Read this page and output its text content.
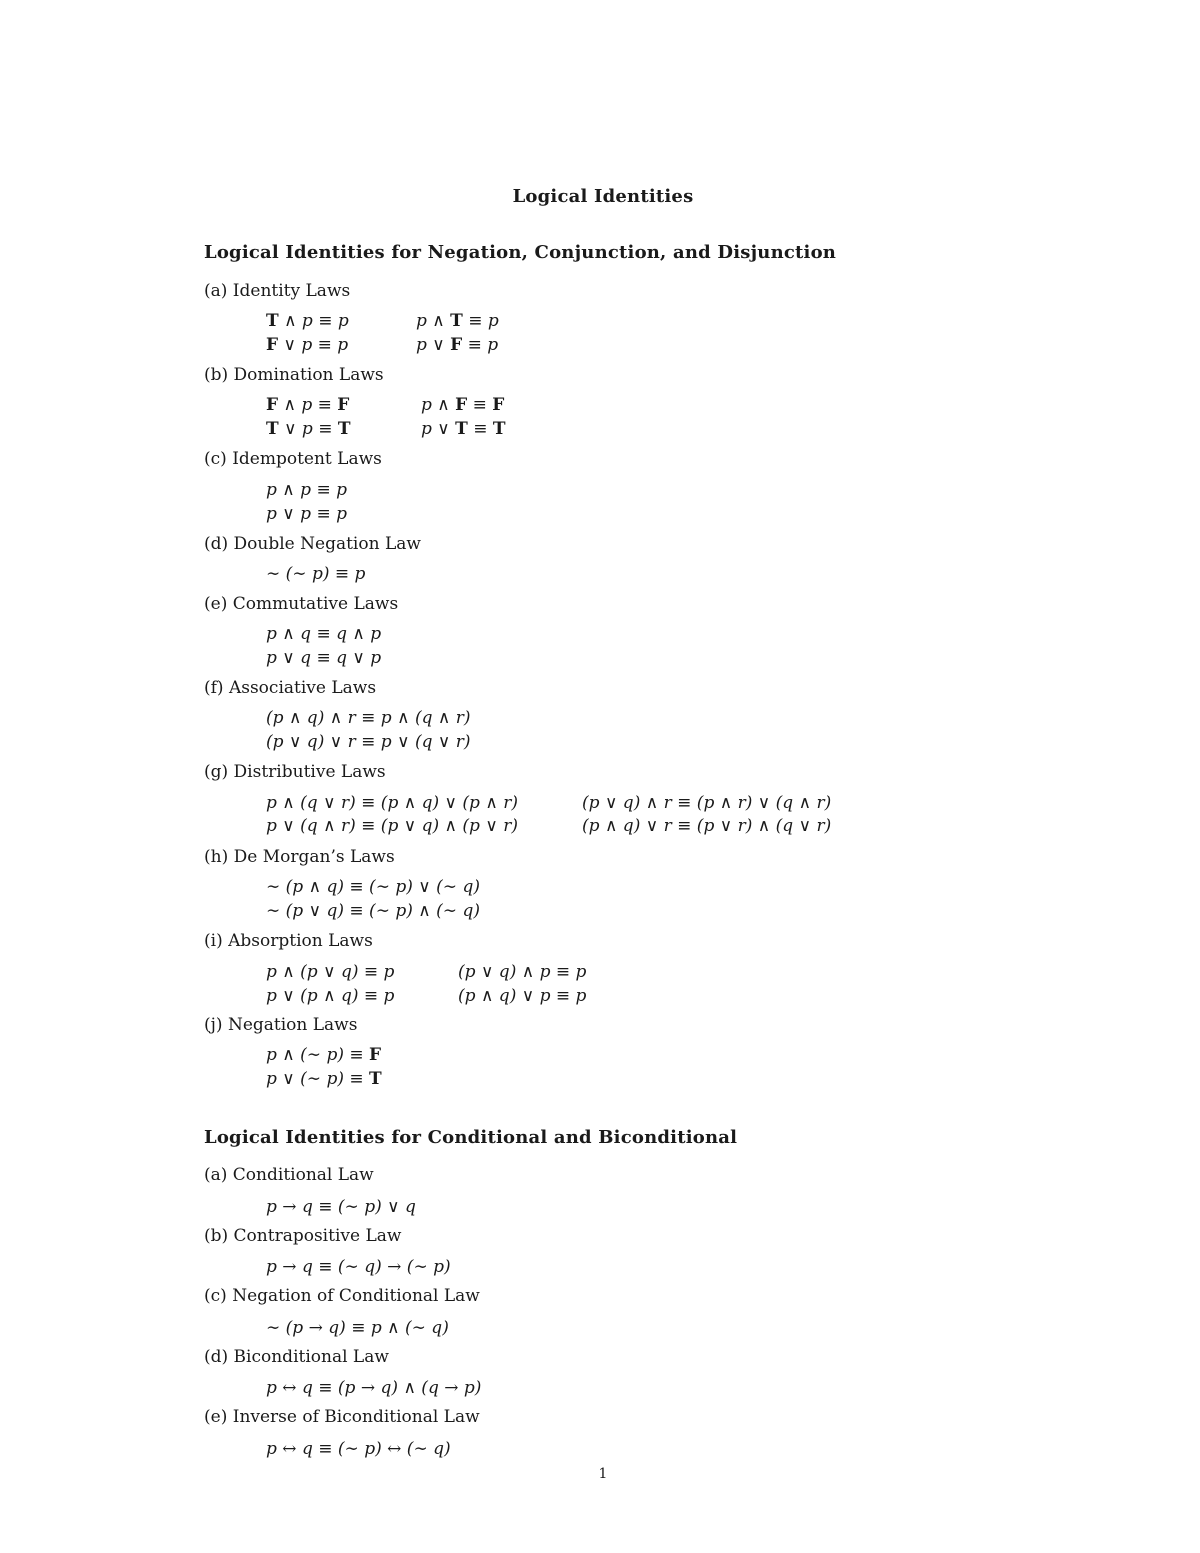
Logical Identities
Logical Identities for Negation, Conjunction, and Disjunction
(a) Identity Laws
T ∧ p ≡ p	p ∧ T ≡ p
F ∨ p ≡ p	p ∨ F ≡ p
(b) Domination Laws
F ∧ p ≡ F	p ∧ F ≡ F
T ∨ p ≡ T	p ∨ T ≡ T
(c) Idempotent Laws
p ∧ p ≡ p
p ∨ p ≡ p
(d) Double Negation Law
∼ (∼ p) ≡ p
(e) Commutative Laws
p ∧ q ≡ q ∧ p
p ∨ q ≡ q ∨ p
(f) Associative Laws
(p ∧ q) ∧ r ≡ p ∧ (q ∧ r)
(p ∨ q) ∨ r ≡ p ∨ (q ∨ r)
(g) Distributive Laws
p ∧ (q ∨ r) ≡ (p ∧ q) ∨ (p ∧ r)	(p ∨ q) ∧ r ≡ (p ∧ r) ∨ (q ∧ r)
p ∨ (q ∧ r) ≡ (p ∨ q) ∧ (p ∨ r)	(p ∧ q) ∨ r ≡ (p ∨ r) ∧ (q ∨ r)
(h) De Morgan’s Laws
∼ (p ∧ q) ≡ (∼ p) ∨ (∼ q)
∼ (p ∨ q) ≡ (∼ p) ∧ (∼ q)
(i) Absorption Laws
p ∧ (p ∨ q) ≡ p	(p ∨ q) ∧ p ≡ p
p ∨ (p ∧ q) ≡ p	(p ∧ q) ∨ p ≡ p
(j) Negation Laws
p ∧ (∼ p) ≡ F
p ∨ (∼ p) ≡ T
Logical Identities for Conditional and Biconditional
(a) Conditional Law
p → q ≡ (∼ p) ∨ q
(b) Contrapositive Law
p → q ≡ (∼ q) → (∼ p)
(c) Negation of Conditional Law
∼ (p → q) ≡ p ∧ (∼ q)
(d) Biconditional Law
p ↔ q ≡ (p → q) ∧ (q → p)
(e) Inverse of Biconditional Law
p ↔ q ≡ (∼ p) ↔ (∼ q)
1
